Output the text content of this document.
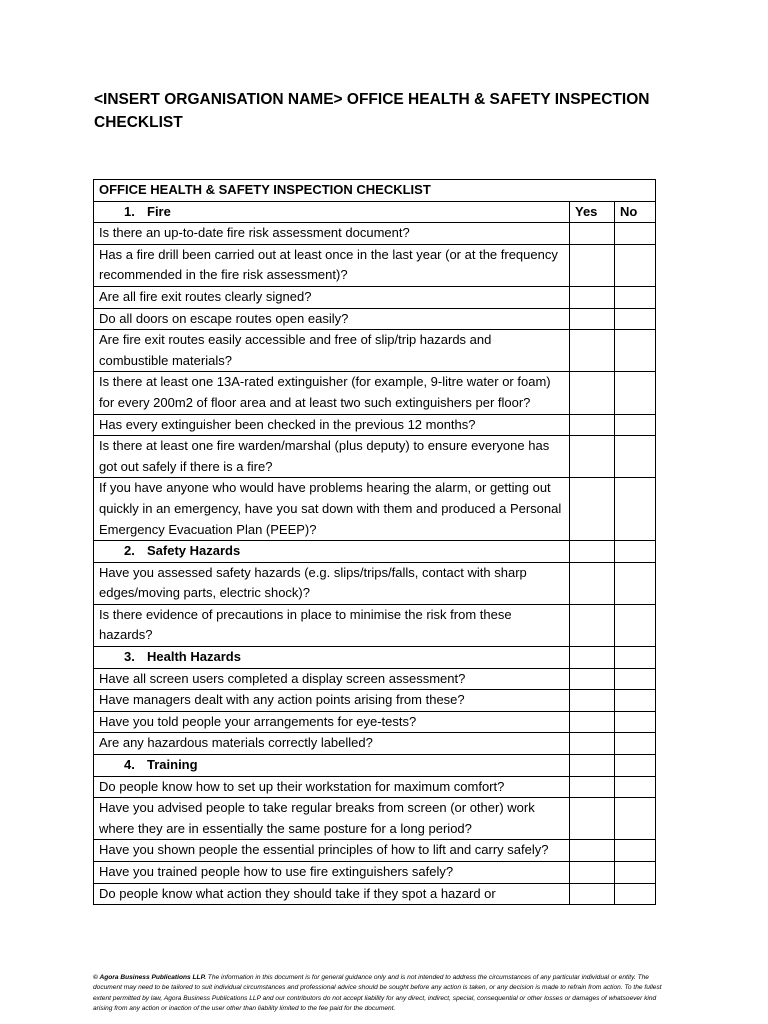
<INSERT ORGANISATION NAME> OFFICE HEALTH & SAFETY INSPECTION CHECKLIST
OFFICE HEALTH & SAFETY INSPECTION CHECKLIST		
1. Fire	Yes	No
Is there an up-to-date fire risk assessment document?		
Has a fire drill been carried out at least once in the last year (or at the frequency recommended in the fire risk assessment)?		
Are all fire exit routes clearly signed?		
Do all doors on escape routes open easily?		
Are fire exit routes easily accessible and free of slip/trip hazards and combustible materials?		
Is there at least one 13A-rated extinguisher (for example, 9-litre water or foam) for every 200m2 of floor area and at least two such extinguishers per floor?		
Has every extinguisher been checked in the previous 12 months?		
Is there at least one fire warden/marshal (plus deputy) to ensure everyone has got out safely if there is a fire?		
If you have anyone who would have problems hearing the alarm, or getting out quickly in an emergency, have you sat down with them and produced a Personal Emergency Evacuation Plan (PEEP)?		
2. Safety Hazards		
Have you assessed safety hazards (e.g. slips/trips/falls, contact with sharp edges/moving parts, electric shock)?		
Is there evidence of precautions in place to minimise the risk from these hazards?		
3. Health Hazards		
Have all screen users completed a display screen assessment?		
Have managers dealt with any action points arising from these?		
Have you told people your arrangements for eye-tests?		
Are any hazardous materials correctly labelled?		
4. Training		
Do people know how to set up their workstation for maximum comfort?		
Have you advised people to take regular breaks from screen (or other) work where they are in essentially the same posture for a long period?		
Have you shown people the essential principles of how to lift and carry safely?		
Have you trained people how to use fire extinguishers safely?		
Do people know what action they should take if they spot a hazard or		

© Agora Business Publications LLP. The information in this document is for general guidance only and is not intended to address the circumstances of any particular individual or entity. The document may need to be tailored to suit individual circumstances and professional advice should be sought before any action is taken, or any decision is made to refrain from action. To the fullest extent permitted by law, Agora Business Publications LLP and our contributors do not accept liability for any direct, indirect, special, consequential or other losses or damages of whatsoever kind arising from any action or inaction of the user other than liability limited to the fee paid for the document.
